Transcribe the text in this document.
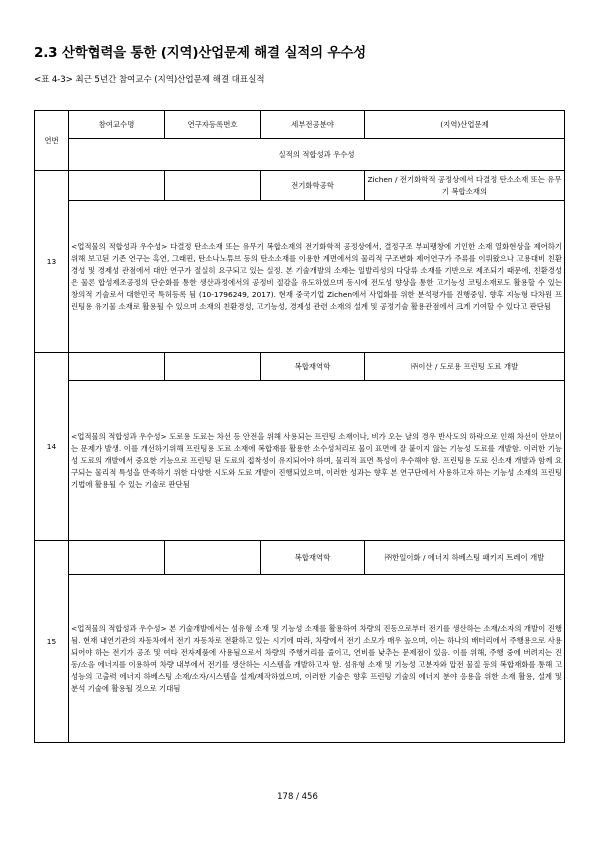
2.3 산학협력을 통한 (지역)산업문제 해결 실적의 우수성
<표 4-3> 최근 5년간 참여교수 (지역)산업문제 해결 대표실적
연번	참여교수명	연구자등록번호	세부전공분야	(지역)산업문제
	실적의 적합성과 우수성			
13			전기화학공학	Zichen / 전기화학적 공정상에서 다결정 탄소소재 또는 유무기 복합소재의
	<업적물의 적합성과 우수성> 다결정 탄소소재 또는 유무기 복합소재의 전기화학적 공정상에서, 결정구조 부피팽창에 기인한 소재 열화현상을 제어하기 위해 보고된 기존 연구는 흑연, 그래핀, 탄소나노튜브 등의 탄소소재를 이용한 계면에서의 물리적 구조변화 제어연구가 주류를 이뤄왔으나 고용대비 친환경성 및 경제성 관점에서 대안 연구가 절실히 요구되고 있는 실정. 본 기술개발의 소재는 일발리성의 다당류 소재를 기반으로 제조되기 때문에, 친환경성은 물론 합성제조공정의 단순화를 통한 생산과정에서의 공정비 절감을 유도하였으며 동시에 전도성 향상을 통한 고기능성 코팅소재로도 활용할 수 있는 창의적 기술로서 대한민국 특허등록 됨 (10-1796249, 2017). 현재 중국기업 Zichen에서 사업화를 위한 분석평가를 진행중임. 향후 지능형 다차원 프린팅용 유기물 소재로 활용될 수 있으며 소재의 친환경성, 고기능성, 경제성 관련 소재의 설계 및 공정기술 활용관점에서 크게 기여할 수 있다고 판단됨			
14			복합재역학	㈜이산 / 도로용 프린팅 도료 개발
	<업적물의 적합성과 우수성> 도로용 도료는 차선 등 안전을 위해 사용되는 프린팅 소재이나, 비가 오는 날의 경우 반사도의 하락으로 인해 차선이 안보이는 문제가 발생. 이를 개선하기위해 프린팅용 도료 소재에 복합재를 활용한 소수성처리로 물이 표면에 잘 붙이지 않는 기능성 도료를 개발함. 이러한 기능성 도료의 개발에서 중요한 기능으로 프린팅 된 도료의 접착성이 유지되어야 하며, 물리적 표면 특성이 우수해야 함. 프린팅용 도료 신소재 개발과 함께 요구되는 물리적 특성을 만족하기 위한 다양한 시도와 도료 개발이 진행되었으며, 이러한 성과는 향후 본 연구단에서 사용하고자 하는 기능성 소재의 프린팅 기법에 활용될 수 있는 기술로 판단됨			
15			복합재역학	㈜한일이화 / 에너지 하베스팅 패키지 트레이 개발
	<업적물의 적합성과 우수성> 본 기술개발에서는 섬유형 소재 및 기능성 소재를 활용하여 차량의 진동으로부터 전기를 생산하는 소재/소자의 개발이 진행됨. 현재 내연기관의 자동차에서 전기 자동차로 전환하고 있는 시기에 따라, 차량에서 전기 소모가 매우 높으며, 이는 하나의 배터리에서 주행용으로 사용되어야 하는 전기가 공조 및 여타 전자제품에 사용됨으로서 차량의 주행거리를 줄이고, 연비를 낮추는 문제점이 있음. 이를 위해, 주행 중에 버려지는 진동/소음 에너지를 이용하여 차량 내부에서 전기를 생산하는 시스템을 개발하고자 함. 섬유형 소재 및 기능성 고분자와 압전 물질 등의 복합재화를 통해 고성능의 고출력 에너지 하베스팅 소재/소자/시스템을 설계/제작하였으며, 이러한 기술은 향후 프린팅 기술의 에너지 분야 응용을 위한 소재 활용, 설계 및 분석 기술에 활용될 것으로 기대됨			
178 / 456
